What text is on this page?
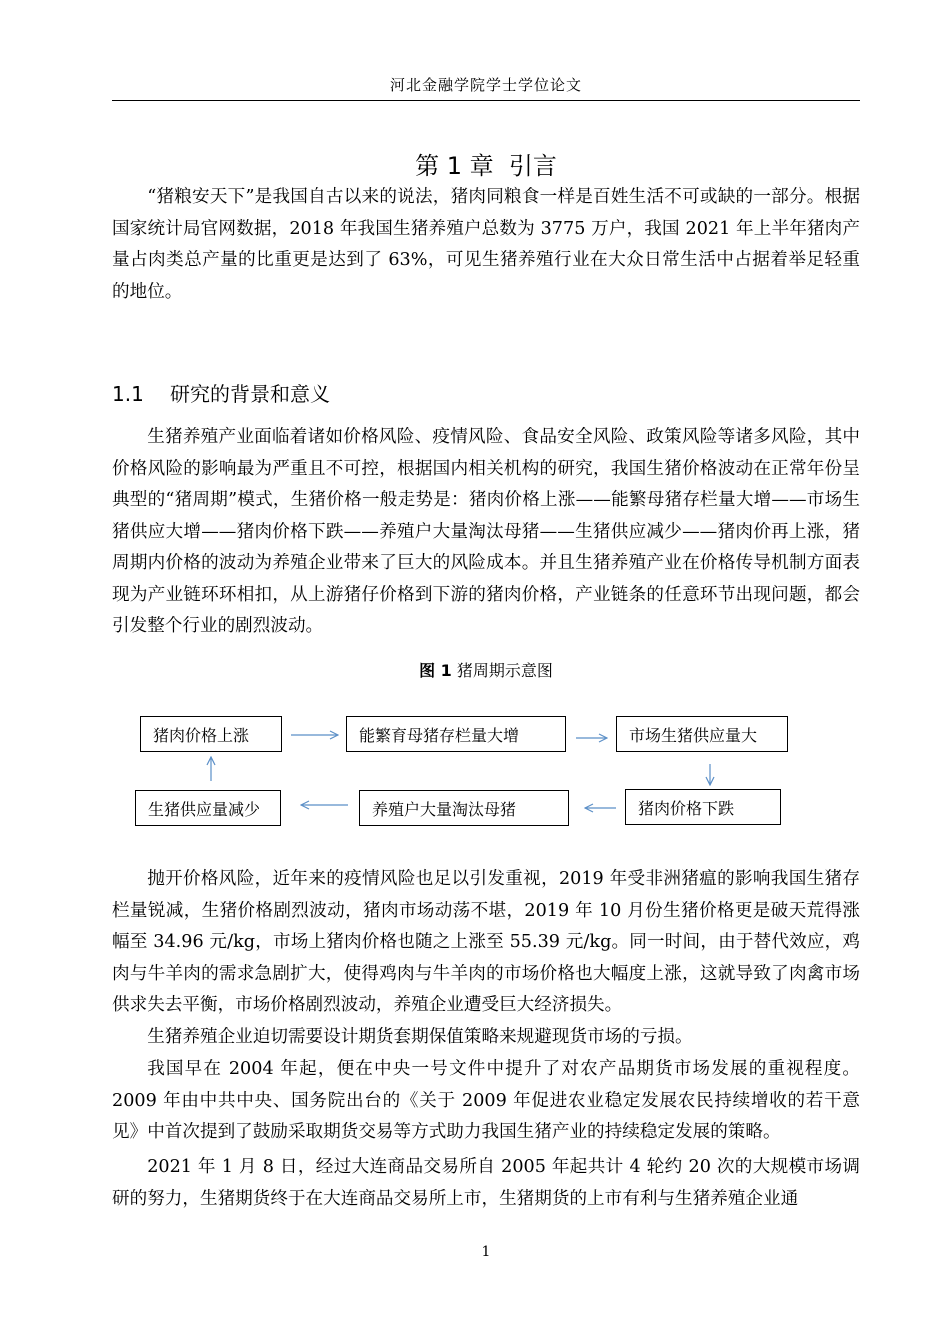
河北金融学院学士学位论文
第 1 章  引言

“猪粮安天下”是我国自古以来的说法，猪肉同粮食一样是百姓生活不可或缺的一部分。根据国家统计局官网数据，2018 年我国生猪养殖户总数为 3775 万户，我国 2021 年上半年猪肉产量占肉类总产量的比重更是达到了 63%，可见生猪养殖行业在大众日常生活中占据着举足轻重的地位。

1.1 研究的背景和意义

生猪养殖产业面临着诸如价格风险、疫情风险、食品安全风险、政策风险等诸多风险，其中价格风险的影响最为严重且不可控，根据国内相关机构的研究，我国生猪价格波动在正常年份呈典型的“猪周期”模式，生猪价格一般走势是：猪肉价格上涨——能繁母猪存栏量大增——市场生猪供应大增——猪肉价格下跌——养殖户大量淘汰母猪——生猪供应减少——猪肉价再上涨，猪周期内价格的波动为养殖企业带来了巨大的风险成本。并且生猪养殖产业在价格传导机制方面表现为产业链环环相扣，从上游猪仔价格到下游的猪肉价格，产业链条的任意环节出现问题，都会引发整个行业的剧烈波动。

图 1 猪周期示意图
猪肉价格上涨	能繁育母猪存栏量大增	市场生猪供应量大
猪肉价格下跌
养殖户大量淘汰母猪
生猪供应量减少

抛开价格风险，近年来的疫情风险也足以引发重视，2019 年受非洲猪瘟的影响我国生猪存栏量锐减，生猪价格剧烈波动，猪肉市场动荡不堪，2019 年 10 月份生猪价格更是破天荒得涨幅至 34.96 元/kg，市场上猪肉价格也随之上涨至 55.39 元/kg。同一时间，由于替代效应，鸡肉与牛羊肉的需求急剧扩大，使得鸡肉与牛羊肉的市场价格也大幅度上涨，这就导致了肉禽市场供求失去平衡，市场价格剧烈波动，养殖企业遭受巨大经济损失。

生猪养殖企业迫切需要设计期货套期保值策略来规避现货市场的亏损。

我国早在 2004 年起，便在中央一号文件中提升了对农产品期货市场发展的重视程度。2009 年由中共中央、国务院出台的《关于 2009 年促进农业稳定发展农民持续增收的若干意见》中首次提到了鼓励采取期货交易等方式助力我国生猪产业的持续稳定发展的策略。

2021 年 1 月 8 日，经过大连商品交易所自 2005 年起共计 4 轮约 20 次的大规模市场调研的努力，生猪期货终于在大连商品交易所上市，生猪期货的上市有利与生猪养殖企业通

1
